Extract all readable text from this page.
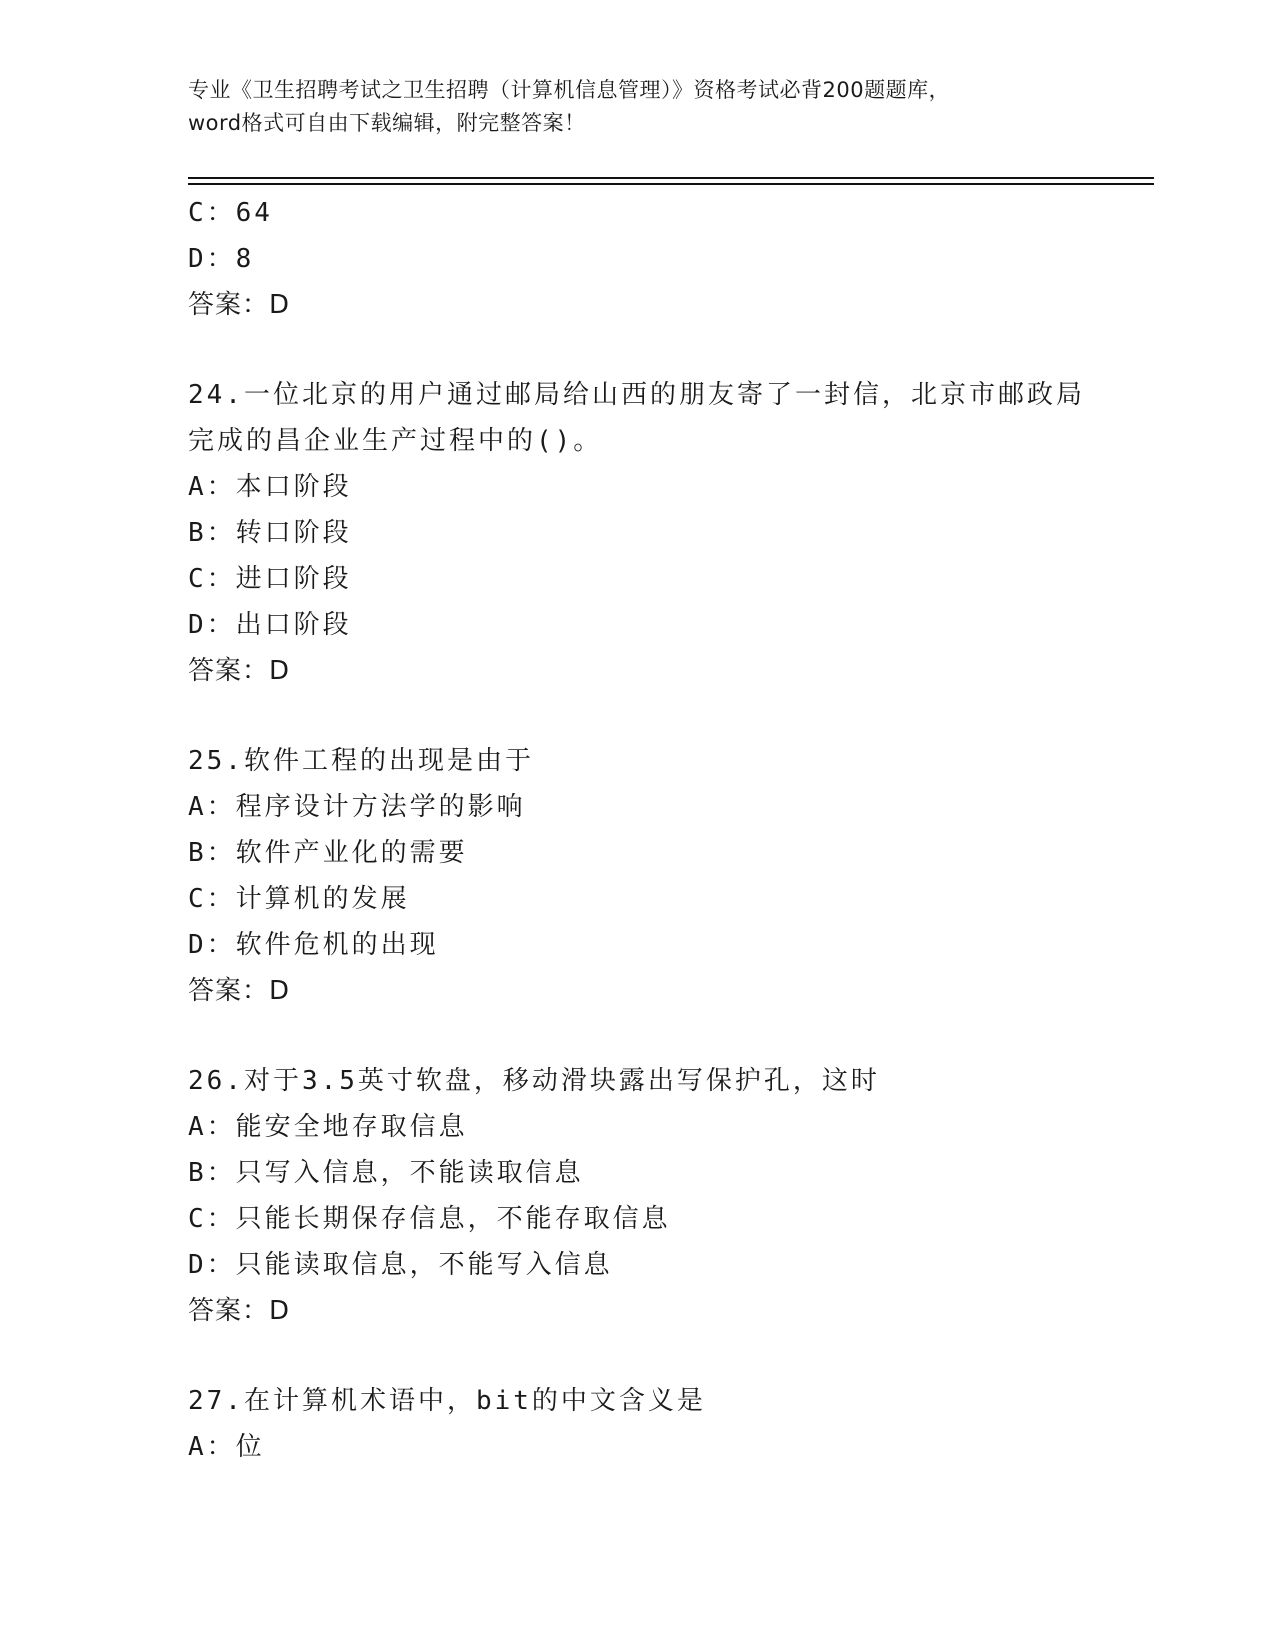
专业《卫生招聘考试之卫生招聘（计算机信息管理）》资格考试必背200题题库，
word格式可自由下载编辑，附完整答案！
C：64
D：8
答案：D
24.一位北京的用户通过邮局给山西的朋友寄了一封信，北京市邮政局
完成的昌企业生产过程中的()。
A：本口阶段
B：转口阶段
C：进口阶段
D：出口阶段
答案：D
25.软件工程的出现是由于
A：程序设计方法学的影响
B：软件产业化的需要
C：计算机的发展
D：软件危机的出现
答案：D
26.对于3.5英寸软盘，移动滑块露出写保护孔，这时
A：能安全地存取信息
B：只写入信息，不能读取信息
C：只能长期保存信息，不能存取信息
D：只能读取信息，不能写入信息
答案：D
27.在计算机术语中，bit的中文含义是
A：位
